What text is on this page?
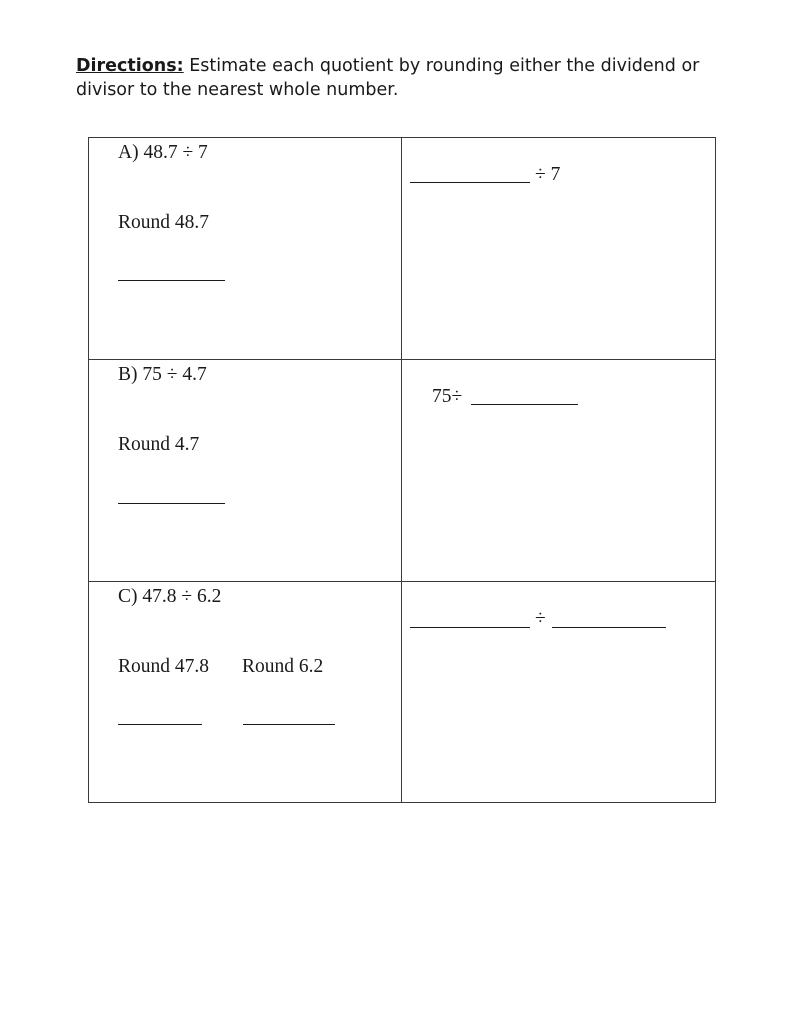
Directions: Estimate each quotient by rounding either the dividend or divisor to the nearest whole number.
A) 48.7 ÷ 7
Round 48.7
÷ 7
B) 75 ÷ 4.7
Round 4.7
75÷
C) 47.8 ÷ 6.2
Round 47.8 Round 6.2
÷
